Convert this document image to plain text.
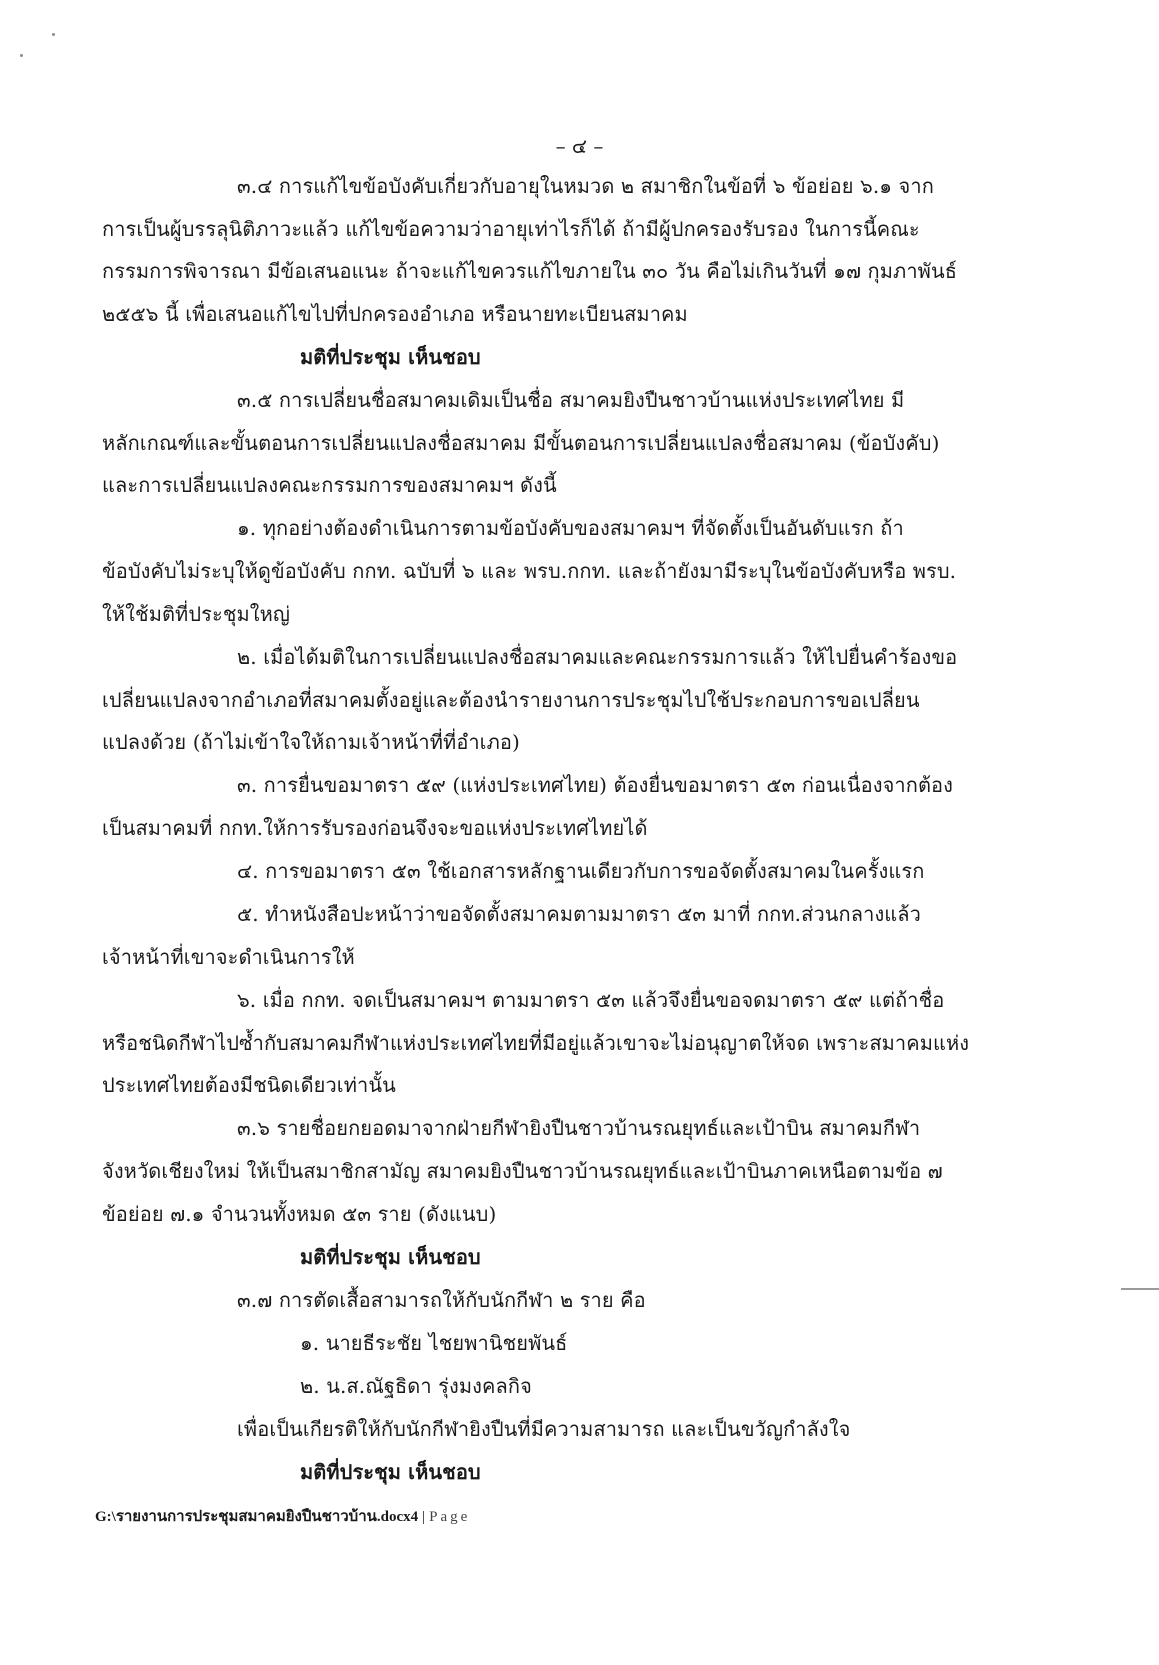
– ๔ –
๓.๔ การแก้ไขข้อบังคับเกี่ยวกับอายุในหมวด ๒ สมาชิกในข้อที่ ๖ ข้อย่อย ๖.๑ จาก
การเป็นผู้บรรลุนิติภาวะแล้ว แก้ไขข้อความว่าอายุเท่าไรก็ได้ ถ้ามีผู้ปกครองรับรอง ในการนี้คณะ
กรรมการพิจารณา มีข้อเสนอแนะ ถ้าจะแก้ไขควรแก้ไขภายใน ๓๐ วัน คือไม่เกินวันที่ ๑๗ กุมภาพันธ์
๒๕๕๖ นี้ เพื่อเสนอแก้ไขไปที่ปกครองอำเภอ หรือนายทะเบียนสมาคม
มติที่ประชุม เห็นชอบ
๓.๕ การเปลี่ยนชื่อสมาคมเดิมเป็นชื่อ สมาคมยิงปืนชาวบ้านแห่งประเทศไทย มี
หลักเกณฑ์และขั้นตอนการเปลี่ยนแปลงชื่อสมาคม มีขั้นตอนการเปลี่ยนแปลงชื่อสมาคม (ข้อบังคับ)
และการเปลี่ยนแปลงคณะกรรมการของสมาคมฯ ดังนี้
๑. ทุกอย่างต้องดำเนินการตามข้อบังคับของสมาคมฯ ที่จัดตั้งเป็นอันดับแรก ถ้า
ข้อบังคับไม่ระบุให้ดูข้อบังคับ กกท. ฉบับที่ ๖ และ พรบ.กกท. และถ้ายังมามีระบุในข้อบังคับหรือ พรบ.
ให้ใช้มติที่ประชุมใหญ่
๒. เมื่อได้มติในการเปลี่ยนแปลงชื่อสมาคมและคณะกรรมการแล้ว ให้ไปยื่นคำร้องขอ
เปลี่ยนแปลงจากอำเภอที่สมาคมตั้งอยู่และต้องนำรายงานการประชุมไปใช้ประกอบการขอเปลี่ยน
แปลงด้วย (ถ้าไม่เข้าใจให้ถามเจ้าหน้าที่ที่อำเภอ)
๓. การยื่นขอมาตรา ๕๙ (แห่งประเทศไทย) ต้องยื่นขอมาตรา ๕๓ ก่อนเนื่องจากต้อง
เป็นสมาคมที่ กกท.ให้การรับรองก่อนจึงจะขอแห่งประเทศไทยได้
๔. การขอมาตรา ๕๓ ใช้เอกสารหลักฐานเดียวกับการขอจัดตั้งสมาคมในครั้งแรก
๕. ทำหนังสือปะหน้าว่าขอจัดตั้งสมาคมตามมาตรา ๕๓ มาที่ กกท.ส่วนกลางแล้ว
เจ้าหน้าที่เขาจะดำเนินการให้
๖. เมื่อ กกท. จดเป็นสมาคมฯ ตามมาตรา ๕๓ แล้วจึงยื่นขอจดมาตรา ๕๙ แต่ถ้าชื่อ
หรือชนิดกีฬาไปซ้ำกับสมาคมกีฬาแห่งประเทศไทยที่มีอยู่แล้วเขาจะไม่อนุญาตให้จด เพราะสมาคมแห่ง
ประเทศไทยต้องมีชนิดเดียวเท่านั้น
๓.๖ รายชื่อยกยอดมาจากฝ่ายกีฬายิงปืนชาวบ้านรณยุทธ์และเป้าบิน สมาคมกีฬา
จังหวัดเชียงใหม่ ให้เป็นสมาชิกสามัญ สมาคมยิงปืนชาวบ้านรณยุทธ์และเป้าบินภาคเหนือตามข้อ ๗
ข้อย่อย ๗.๑ จำนวนทั้งหมด ๕๓ ราย (ดังแนบ)
มติที่ประชุม เห็นชอบ
๓.๗ การตัดเสื้อสามารถให้กับนักกีฬา ๒ ราย คือ
๑. นายธีระชัย ไชยพานิชยพันธ์
๒. น.ส.ณัฐธิดา รุ่งมงคลกิจ
เพื่อเป็นเกียรติให้กับนักกีฬายิงปืนที่มีความสามารถ และเป็นขวัญกำลังใจ
มติที่ประชุม เห็นชอบ
G:\รายงานการประชุมสมาคมยิงปืนชาวบ้าน.docx4 | Page
